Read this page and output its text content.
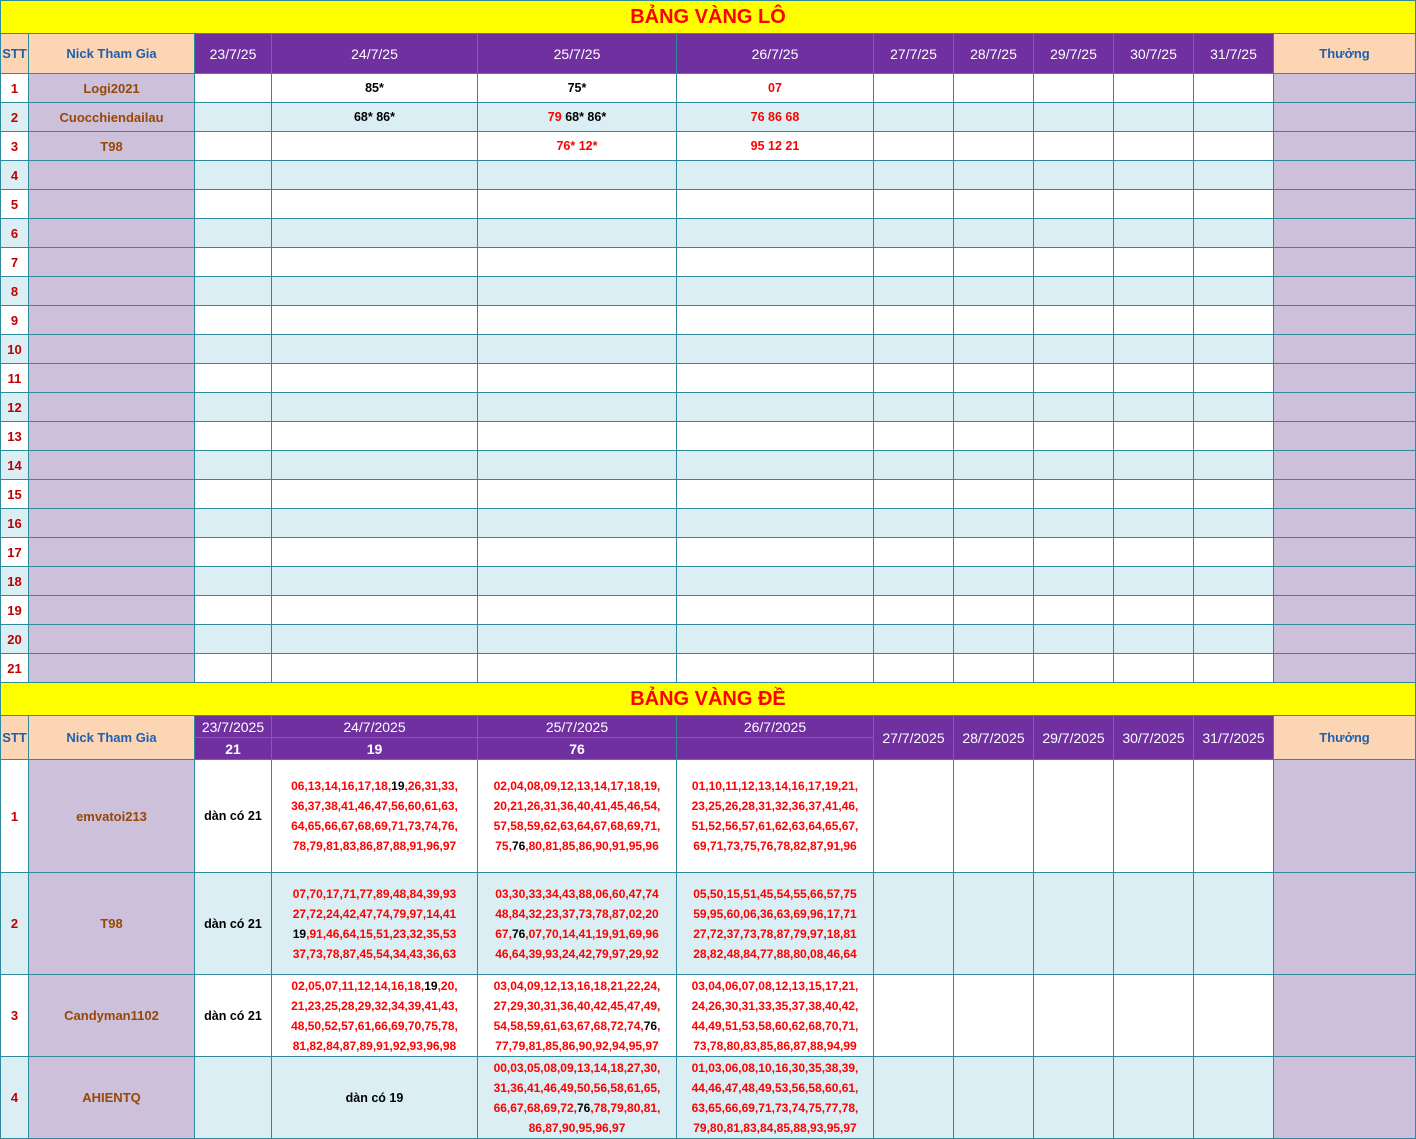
BẢNG VÀNG LÔ											
STT	Nick Tham Gia	23/7/25	24/7/25	25/7/25	26/7/25	27/7/25	28/7/25	29/7/25	30/7/25	31/7/25	Thưởng
1	Logi2021		85*	75*	07						
2	Cuocchiendailau		68* 86*	79 68* 86*	76 86 68						
3	T98			76* 12*	95 12 21						
4											
5											
6											
7											
8											
9											
10											
11											
12											
13											
14											
15											
16											
17											
18											
19											
20											
21											
BẢNG VÀNG ĐỀ											
STT	Nick Tham Gia	23/7/2025	24/7/2025	25/7/2025	26/7/2025	27/7/2025	28/7/2025	29/7/2025	30/7/2025	31/7/2025	Thưởng
		21	19	76							
1	emvatoi213	dàn có 21	06,13,14,16,17,18,19,26,31,33,
36,37,38,41,46,47,56,60,61,63,
64,65,66,67,68,69,71,73,74,76,
78,79,81,83,86,87,88,91,96,97	02,04,08,09,12,13,14,17,18,19,
20,21,26,31,36,40,41,45,46,54,
57,58,59,62,63,64,67,68,69,71,
75,76,80,81,85,86,90,91,95,96	01,10,11,12,13,14,16,17,19,21,
23,25,26,28,31,32,36,37,41,46,
51,52,56,57,61,62,63,64,65,67,
69,71,73,75,76,78,82,87,91,96						
2	T98	dàn có 21	07,70,17,71,77,89,48,84,39,93
27,72,24,42,47,74,79,97,14,41
19,91,46,64,15,51,23,32,35,53
37,73,78,87,45,54,34,43,36,63	03,30,33,34,43,88,06,60,47,74
48,84,32,23,37,73,78,87,02,20
67,76,07,70,14,41,19,91,69,96
46,64,39,93,24,42,79,97,29,92	05,50,15,51,45,54,55,66,57,75
59,95,60,06,36,63,69,96,17,71
27,72,37,73,78,87,79,97,18,81
28,82,48,84,77,88,80,08,46,64						
3	Candyman1102	dàn có 21	02,05,07,11,12,14,16,18,19,20,
21,23,25,28,29,32,34,39,41,43,
48,50,52,57,61,66,69,70,75,78,
81,82,84,87,89,91,92,93,96,98	03,04,09,12,13,16,18,21,22,24,
27,29,30,31,36,40,42,45,47,49,
54,58,59,61,63,67,68,72,74,76,
77,79,81,85,86,90,92,94,95,97	03,04,06,07,08,12,13,15,17,21,
24,26,30,31,33,35,37,38,40,42,
44,49,51,53,58,60,62,68,70,71,
73,78,80,83,85,86,87,88,94,99						
4	AHIENTQ		dàn có 19	00,03,05,08,09,13,14,18,27,30,
31,36,41,46,49,50,56,58,61,65,
66,67,68,69,72,76,78,79,80,81,
86,87,90,95,96,97	01,03,06,08,10,16,30,35,38,39,
44,46,47,48,49,53,56,58,60,61,
63,65,66,69,71,73,74,75,77,78,
79,80,81,83,84,85,88,93,95,97						
